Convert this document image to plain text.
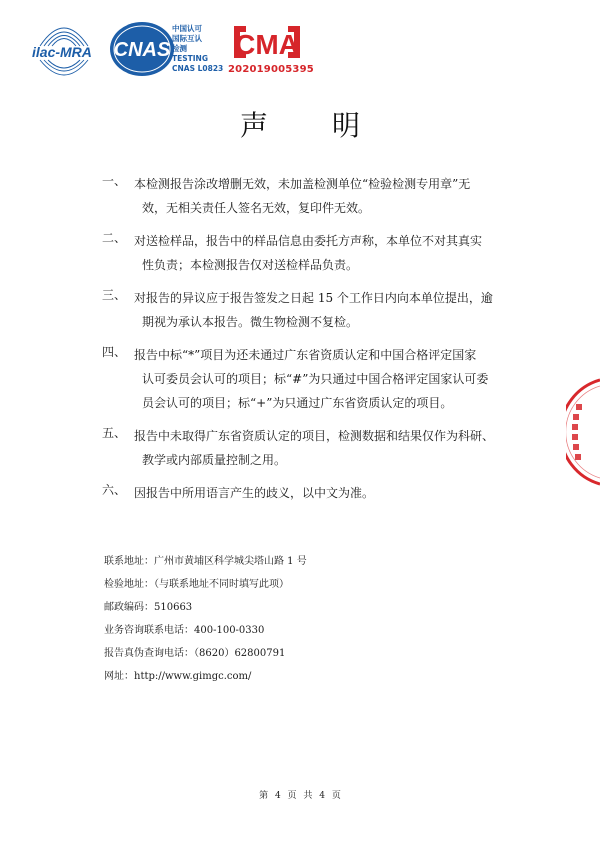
ilac-MRA CNAS
中国认可
国际互认
检测
TESTING
CNAS L0823
CMA
202019005395
声明
一、 本检测报告涂改增删无效，未加盖检测单位“检验检测专用章”无
效，无相关责任人签名无效，复印件无效。
二、 对送检样品，报告中的样品信息由委托方声称，本单位不对其真实
性负责；本检测报告仅对送检样品负责。
三、 对报告的异议应于报告签发之日起 15 个工作日内向本单位提出，逾
期视为承认本报告。微生物检测不复检。
四、 报告中标“*”项目为还未通过广东省资质认定和中国合格评定国家
认可委员会认可的项目；标“#”为只通过中国合格评定国家认可委
员会认可的项目；标“+”为只通过广东省资质认定的项目。
五、 报告中未取得广东省资质认定的项目，检测数据和结果仅作为科研、
教学或内部质量控制之用。
六、 因报告中所用语言产生的歧义，以中文为准。
联系地址：广州市黄埔区科学城尖塔山路 1 号
检验地址：（与联系地址不同时填写此项）
邮政编码：510663
业务咨询联系电话：400-100-0330
报告真伪查询电话：（8620）62800791
网址：http://www.gimgc.com/
第 4 页 共 4 页
